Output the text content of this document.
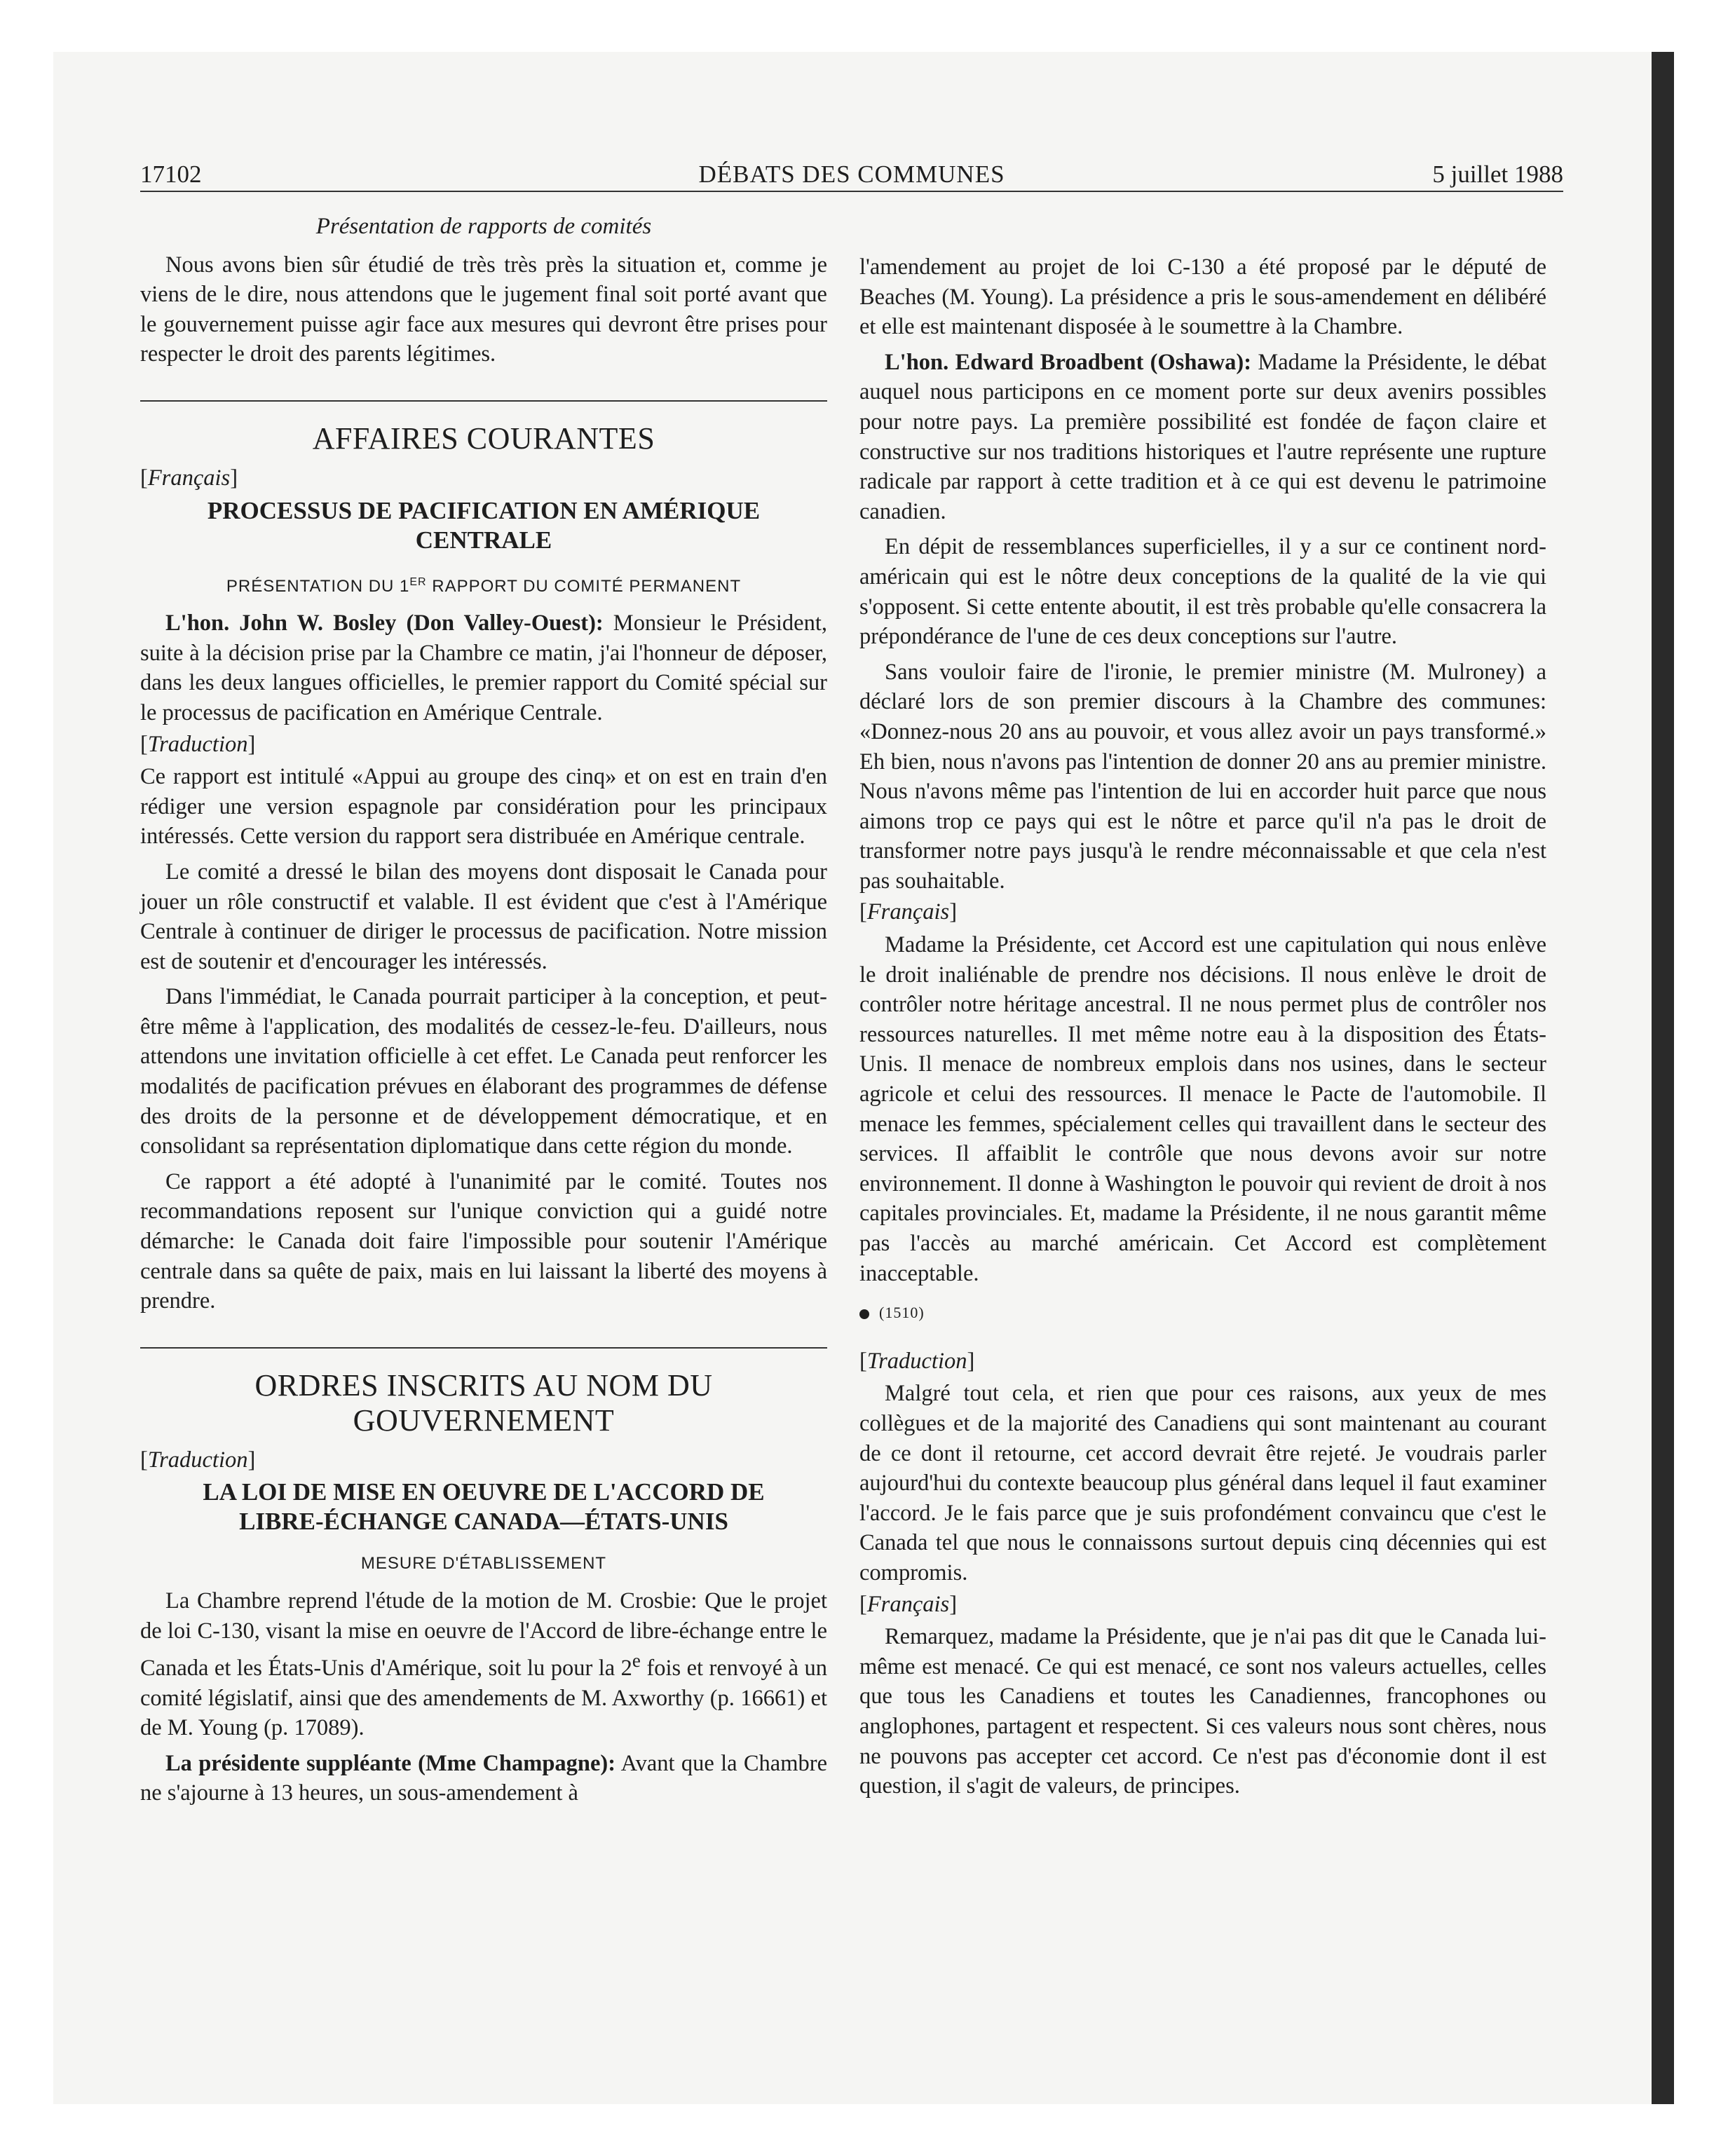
17102	DÉBATS DES COMMUNES	5 juillet 1988
Présentation de rapports de comités

Nous avons bien sûr étudié de très très près la situation et, comme je viens de le dire, nous attendons que le jugement final soit porté avant que le gouvernement puisse agir face aux mesures qui devront être prises pour respecter le droit des parents légitimes.

AFFAIRES COURANTES
[Français]
PROCESSUS DE PACIFICATION EN AMÉRIQUE CENTRALE
PRÉSENTATION DU 1ER RAPPORT DU COMITÉ PERMANENT

L'hon. John W. Bosley (Don Valley-Ouest): Monsieur le Président, suite à la décision prise par la Chambre ce matin, j'ai l'honneur de déposer, dans les deux langues officielles, le premier rapport du Comité spécial sur le processus de pacification en Amérique Centrale.

[Traduction]

Ce rapport est intitulé «Appui au groupe des cinq» et on est en train d'en rédiger une version espagnole par considération pour les principaux intéressés. Cette version du rapport sera distribuée en Amérique centrale.

Le comité a dressé le bilan des moyens dont disposait le Canada pour jouer un rôle constructif et valable. Il est évident que c'est à l'Amérique Centrale à continuer de diriger le processus de pacification. Notre mission est de soutenir et d'encourager les intéressés.

Dans l'immédiat, le Canada pourrait participer à la conception, et peut-être même à l'application, des modalités de cessez-le-feu. D'ailleurs, nous attendons une invitation officielle à cet effet. Le Canada peut renforcer les modalités de pacification prévues en élaborant des programmes de défense des droits de la personne et de développement démocratique, et en consolidant sa représentation diplomatique dans cette région du monde.

Ce rapport a été adopté à l'unanimité par le comité. Toutes nos recommandations reposent sur l'unique conviction qui a guidé notre démarche: le Canada doit faire l'impossible pour soutenir l'Amérique centrale dans sa quête de paix, mais en lui laissant la liberté des moyens à prendre.

ORDRES INSCRITS AU NOM DU GOUVERNEMENT
[Traduction]
LA LOI DE MISE EN OEUVRE DE L'ACCORD DE LIBRE-ÉCHANGE CANADA—ÉTATS-UNIS
MESURE D'ÉTABLISSEMENT

La Chambre reprend l'étude de la motion de M. Crosbie: Que le projet de loi C-130, visant la mise en oeuvre de l'Accord de libre-échange entre le Canada et les États-Unis d'Amérique, soit lu pour la 2e fois et renvoyé à un comité législatif, ainsi que des amendements de M. Axworthy (p. 16661) et de M. Young (p. 17089).

La présidente suppléante (Mme Champagne): Avant que la Chambre ne s'ajourne à 13 heures, un sous-amendement à

l'amendement au projet de loi C-130 a été proposé par le député de Beaches (M. Young). La présidence a pris le sous-amendement en délibéré et elle est maintenant disposée à le soumettre à la Chambre.

L'hon. Edward Broadbent (Oshawa): Madame la Présidente, le débat auquel nous participons en ce moment porte sur deux avenirs possibles pour notre pays. La première possibilité est fondée de façon claire et constructive sur nos traditions historiques et l'autre représente une rupture radicale par rapport à cette tradition et à ce qui est devenu le patrimoine canadien.

En dépit de ressemblances superficielles, il y a sur ce continent nord-américain qui est le nôtre deux conceptions de la qualité de la vie qui s'opposent. Si cette entente aboutit, il est très probable qu'elle consacrera la prépondérance de l'une de ces deux conceptions sur l'autre.

Sans vouloir faire de l'ironie, le premier ministre (M. Mulroney) a déclaré lors de son premier discours à la Chambre des communes: «Donnez-nous 20 ans au pouvoir, et vous allez avoir un pays transformé.» Eh bien, nous n'avons pas l'intention de donner 20 ans au premier ministre. Nous n'avons même pas l'intention de lui en accorder huit parce que nous aimons trop ce pays qui est le nôtre et parce qu'il n'a pas le droit de transformer notre pays jusqu'à le rendre méconnaissable et que cela n'est pas souhaitable.

[Français]

Madame la Présidente, cet Accord est une capitulation qui nous enlève le droit inaliénable de prendre nos décisions. Il nous enlève le droit de contrôler notre héritage ancestral. Il ne nous permet plus de contrôler nos ressources naturelles. Il met même notre eau à la disposition des États-Unis. Il menace de nombreux emplois dans nos usines, dans le secteur agricole et celui des ressources. Il menace le Pacte de l'automobile. Il menace les femmes, spécialement celles qui travaillent dans le secteur des services. Il affaiblit le contrôle que nous devons avoir sur notre environnement. Il donne à Washington le pouvoir qui revient de droit à nos capitales provinciales. Et, madame la Présidente, il ne nous garantit même pas l'accès au marché américain. Cet Accord est complètement inacceptable.

(1510)
[Traduction]

Malgré tout cela, et rien que pour ces raisons, aux yeux de mes collègues et de la majorité des Canadiens qui sont maintenant au courant de ce dont il retourne, cet accord devrait être rejeté. Je voudrais parler aujourd'hui du contexte beaucoup plus général dans lequel il faut examiner l'accord. Je le fais parce que je suis profondément convaincu que c'est le Canada tel que nous le connaissons surtout depuis cinq décennies qui est compromis.

[Français]

Remarquez, madame la Présidente, que je n'ai pas dit que le Canada lui-même est menacé. Ce qui est menacé, ce sont nos valeurs actuelles, celles que tous les Canadiens et toutes les Canadiennes, francophones ou anglophones, partagent et respectent. Si ces valeurs nous sont chères, nous ne pouvons pas accepter cet accord. Ce n'est pas d'économie dont il est question, il s'agit de valeurs, de principes.
